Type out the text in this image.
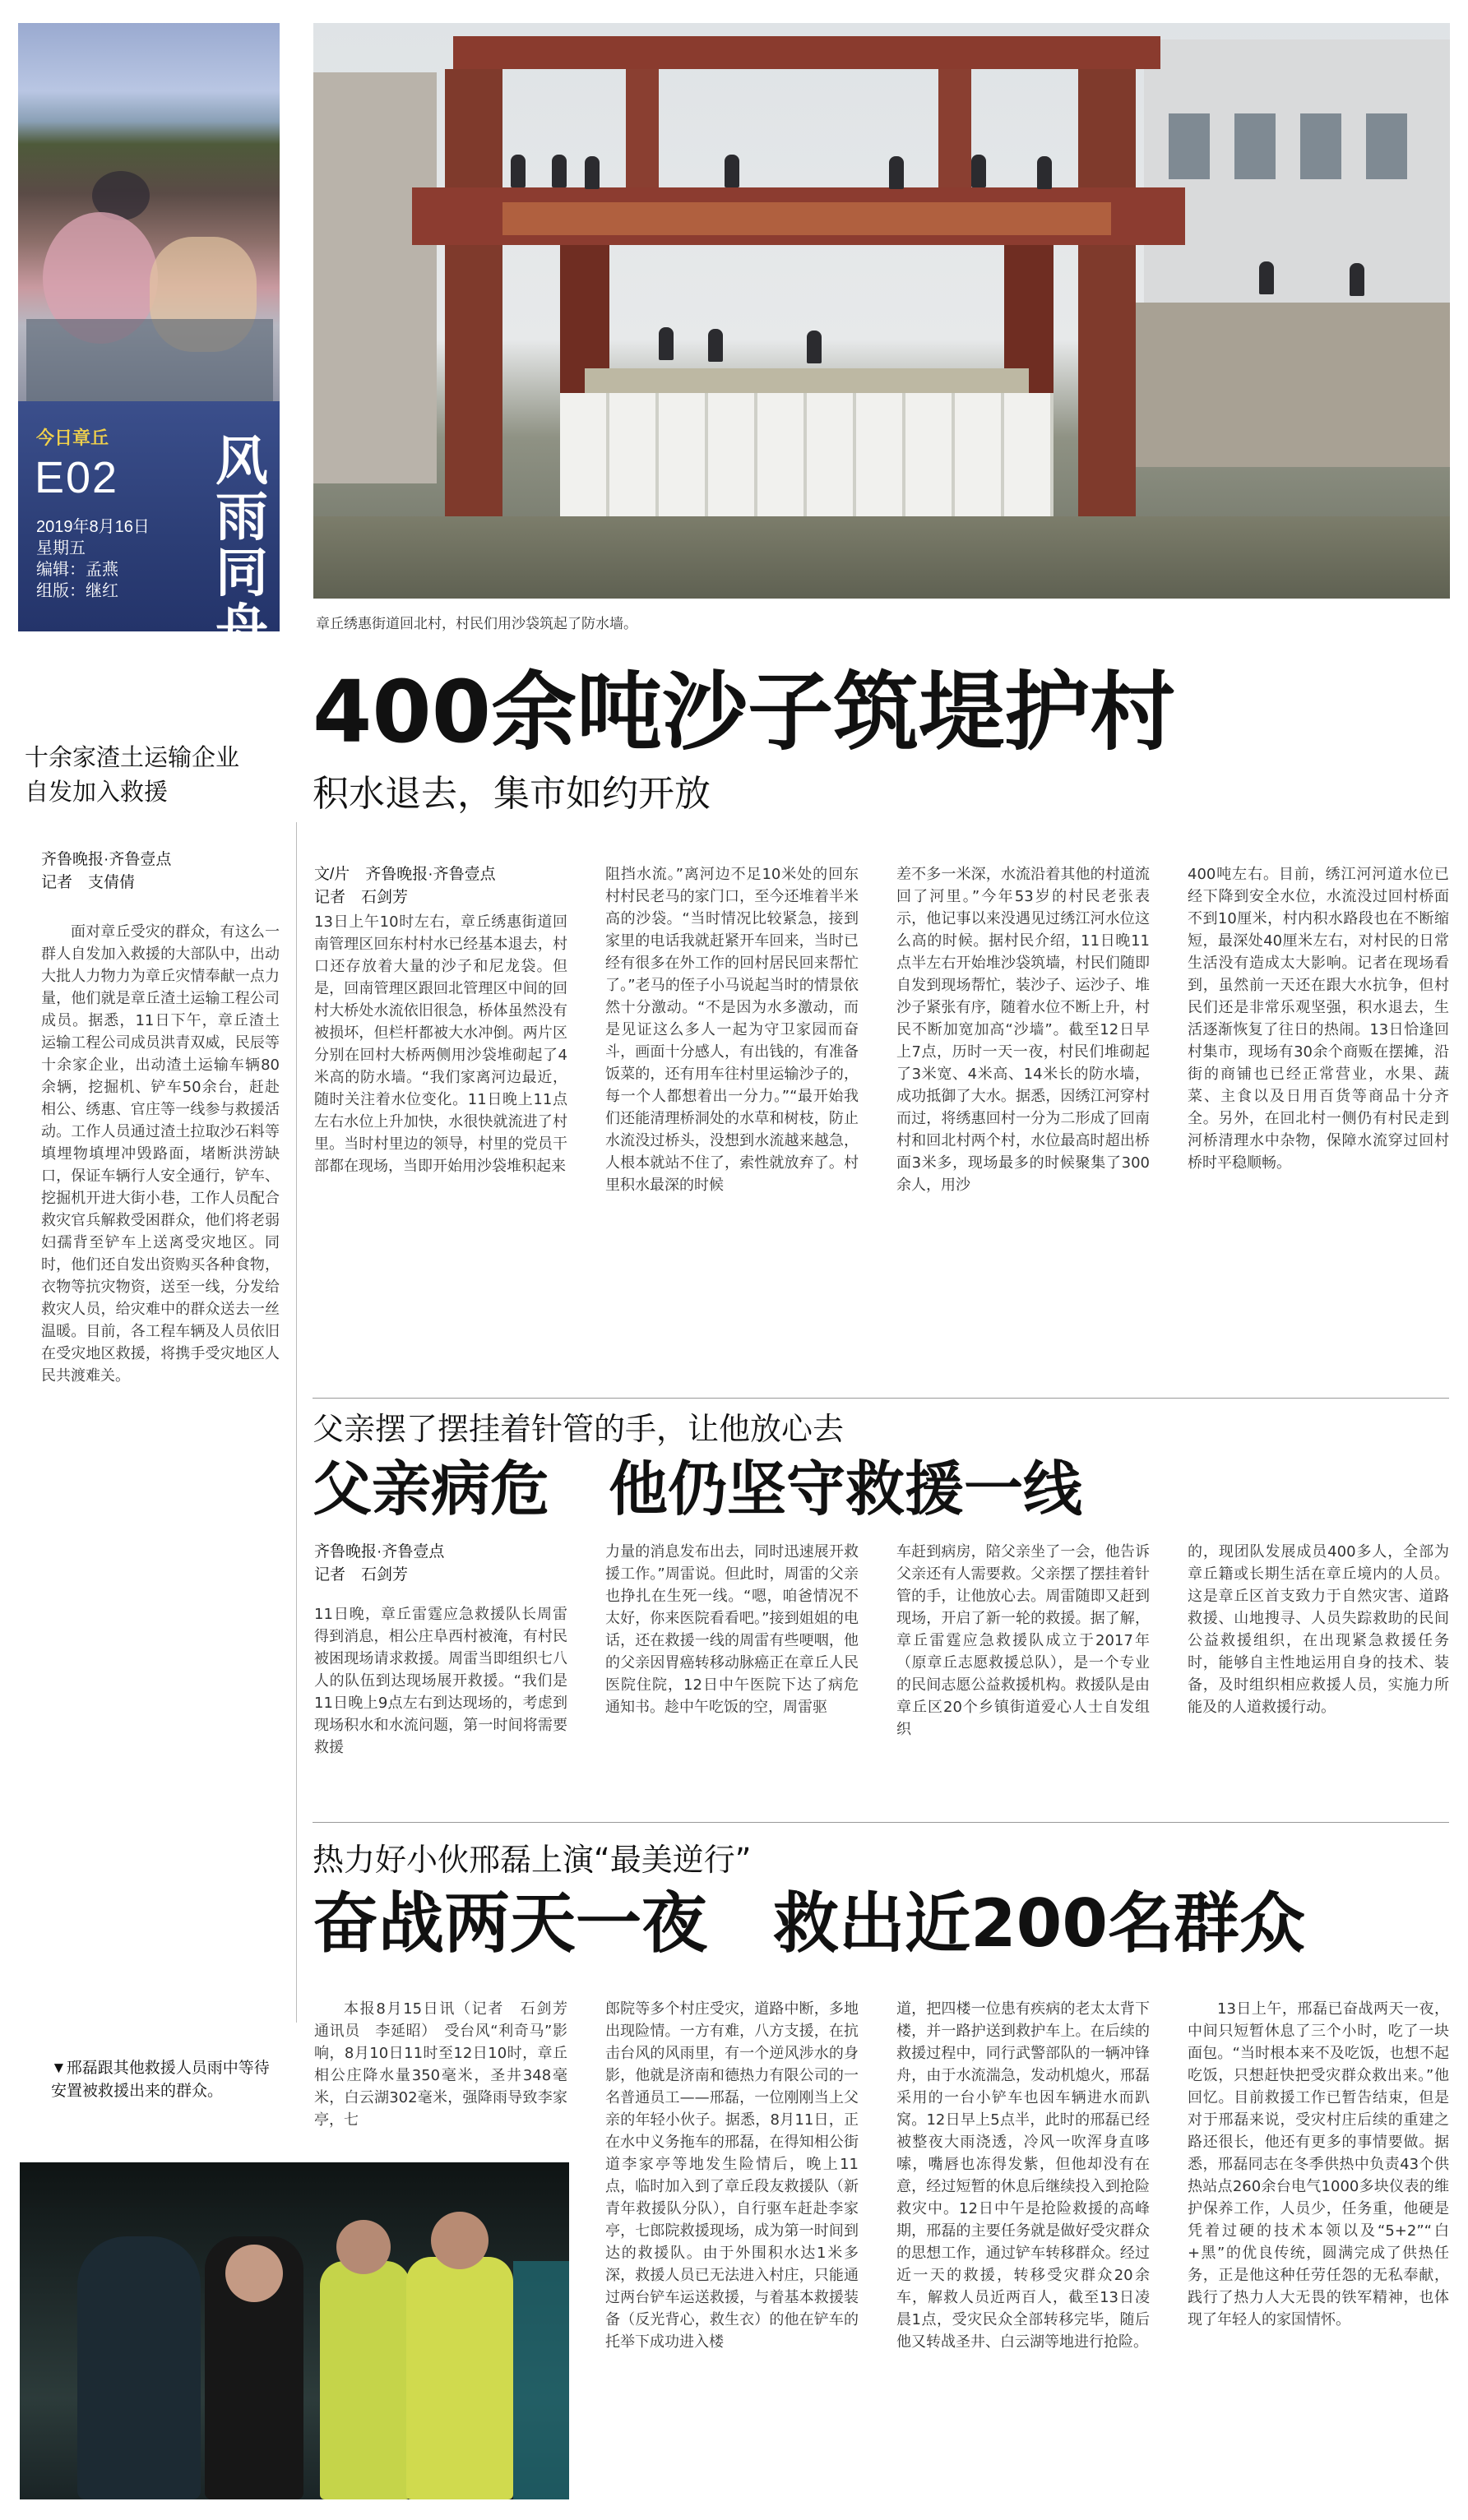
今日章丘
E02
2019年8月16日
星期五
编辑：孟燕
组版：继红
风雨同舟	章丘绣惠街道回北村，村民们用沙袋筑起了防水墙。
400余吨沙子筑堤护村
积水退去，集市如约开放
文/片　齐鲁晚报·齐鲁壹点
记者　石剑芳
13日上午10时左右，章丘绣惠街道回南管理区回东村村水已经基本退去，村口还存放着大量的沙子和尼龙袋。但是，回南管理区跟回北管理区中间的回村大桥处水流依旧很急，桥体虽然没有被损坏，但栏杆都被大水冲倒。两片区分别在回村大桥两侧用沙袋堆砌起了4米高的防水墙。“我们家离河边最近，随时关注着水位变化。11日晚上11点左右水位上升加快，水很快就流进了村里。当时村里边的领导，村里的党员干部都在现场，当即开始用沙袋堆积起来
阻挡水流。”离河边不足10米处的回东村村民老马的家门口，至今还堆着半米高的沙袋。“当时情况比较紧急，接到家里的电话我就赶紧开车回来，当时已经有很多在外工作的回村居民回来帮忙了。”老马的侄子小马说起当时的情景依然十分激动。“不是因为水多激动，而是见证这么多人一起为守卫家园而奋斗，画面十分感人，有出钱的，有准备饭菜的，还有用车往村里运输沙子的，每一个人都想着出一分力。”“最开始我们还能清理桥洞处的水草和树枝，防止水流没过桥头，没想到水流越来越急，人根本就站不住了，索性就放弃了。村里积水最深的时候
差不多一米深，水流沿着其他的村道流回了河里。”今年53岁的村民老张表示，他记事以来没遇见过绣江河水位这么高的时候。据村民介绍，11日晚11点半左右开始堆沙袋筑墙，村民们随即自发到现场帮忙，装沙子、运沙子、堆沙子紧张有序，随着水位不断上升，村民不断加宽加高“沙墙”。截至12日早上7点，历时一天一夜，村民们堆砌起了3米宽、4米高、14米长的防水墙，成功抵御了大水。据悉，因绣江河穿村而过，将绣惠回村一分为二形成了回南村和回北村两个村，水位最高时超出桥面3米多，现场最多的时候聚集了300余人，用沙
400吨左右。目前，绣江河河道水位已经下降到安全水位，水流没过回村桥面不到10厘米，村内积水路段也在不断缩短，最深处40厘米左右，对村民的日常生活没有造成太大影响。记者在现场看到，虽然前一天还在跟大水抗争，但村民们还是非常乐观坚强，积水退去，生活逐渐恢复了往日的热闹。13日恰逢回村集市，现场有30余个商贩在摆摊，沿街的商铺也已经正常营业，水果、蔬菜、主食以及日用百货等商品十分齐全。另外，在回北村一侧仍有村民走到河桥清理水中杂物，保障水流穿过回村桥时平稳顺畅。
十余家渣土运输企业
自发加入救援
齐鲁晚报·齐鲁壹点
记者　支倩倩
面对章丘受灾的群众，有这么一群人自发加入救援的大部队中，出动大批人力物力为章丘灾情奉献一点力量，他们就是章丘渣土运输工程公司成员。据悉，11日下午，章丘渣土运输工程公司成员洪青双威，民辰等十余家企业，出动渣土运输车辆80余辆，挖掘机、铲车50余台，赶赴相公、绣惠、官庄等一线参与救援活动。工作人员通过渣土拉取沙石料等填埋物填埋冲毁路面，堵断洪涝缺口，保证车辆行人安全通行，铲车、挖掘机开进大街小巷，工作人员配合救灾官兵解救受困群众，他们将老弱妇孺背至铲车上送离受灾地区。同时，他们还自发出资购买各种食物，衣物等抗灾物资，送至一线，分发给救灾人员，给灾难中的群众送去一丝温暖。目前，各工程车辆及人员依旧在受灾地区救援，将携手受灾地区人民共渡难关。
父亲摆了摆挂着针管的手，让他放心去
父亲病危　他仍坚守救援一线
齐鲁晚报·齐鲁壹点
记者　石剑芳
11日晚，章丘雷霆应急救援队长周雷得到消息，相公庄阜西村被淹，有村民被困现场请求救援。周雷当即组织七八人的队伍到达现场展开救援。“我们是11日晚上9点左右到达现场的，考虑到现场积水和水流问题，第一时间将需要救援
力量的消息发布出去，同时迅速展开救援工作。”周雷说。但此时，周雷的父亲也挣扎在生死一线。“嗯，咱爸情况不太好，你来医院看看吧。”接到姐姐的电话，还在救援一线的周雷有些哽咽，他的父亲因胃癌转移动脉癌正在章丘人民医院住院，12日中午医院下达了病危通知书。趁中午吃饭的空，周雷驱
车赶到病房，陪父亲坐了一会，他告诉父亲还有人需要救。父亲摆了摆挂着针管的手，让他放心去。周雷随即又赶到现场，开启了新一轮的救援。据了解，章丘雷霆应急救援队成立于2017年（原章丘志愿救援总队），是一个专业的民间志愿公益救援机构。救援队是由章丘区20个乡镇街道爱心人士自发组织
的，现团队发展成员400多人，全部为章丘籍或长期生活在章丘境内的人员。这是章丘区首支致力于自然灾害、道路救援、山地搜寻、人员失踪救助的民间公益救援组织，在出现紧急救援任务时，能够自主性地运用自身的技术、装备，及时组织相应救援人员，实施力所能及的人道救援行动。
热力好小伙邢磊上演“最美逆行”
奋战两天一夜　救出近200名群众
本报8月15日讯（记者　石剑芳　通讯员　李延昭）　受台风“利奇马”影响，8月10日11时至12日10时，章丘相公庄降水量350毫米，圣井348毫米，白云湖302毫米，强降雨导致李家亭，七
郎院等多个村庄受灾，道路中断，多地出现险情。一方有难，八方支援，在抗击台风的风雨里，有一个逆风涉水的身影，他就是济南和德热力有限公司的一名普通员工——邢磊，一位刚刚当上父亲的年轻小伙子。据悉，8月11日，正在水中义务拖车的邢磊，在得知相公街道李家亭等地发生险情后，晚上11点，临时加入到了章丘段友救援队（新青年救援队分队），自行驱车赶赴李家亭，七郎院救援现场，成为第一时间到达的救援队。由于外围积水达1米多深，救援人员已无法进入村庄，只能通过两台铲车运送救援，与着基本救援装备（反光背心，救生衣）的他在铲车的托举下成功进入楼
道，把四楼一位患有疾病的老太太背下楼，并一路护送到救护车上。在后续的救援过程中，同行武警部队的一辆冲锋舟，由于水流湍急，发动机熄火，邢磊采用的一台小铲车也因车辆进水而趴窝。12日早上5点半，此时的邢磊已经被整夜大雨浇透，冷风一吹浑身直哆嗦，嘴唇也冻得发紫，但他却没有在意，经过短暂的休息后继续投入到抢险救灾中。12日中午是抢险救援的高峰期，邢磊的主要任务就是做好受灾群众的思想工作，通过铲车转移群众。经过近一天的救援，转移受灾群众20余车，解救人员近两百人，截至13日凌晨1点，受灾民众全部转移完毕，随后他又转战圣井、白云湖等地进行抢险。
13日上午，邢磊已奋战两天一夜，中间只短暂休息了三个小时，吃了一块面包。“当时根本来不及吃饭，也想不起吃饭，只想赶快把受灾群众救出来。”他回忆。目前救援工作已暂告结束，但是对于邢磊来说，受灾村庄后续的重建之路还很长，他还有更多的事情要做。据悉，邢磊同志在冬季供热中负责43个供热站点260余台电气1000多块仪表的维护保养工作，人员少，任务重，他硬是凭着过硬的技术本领以及“5+2”“白+黑”的优良传统，圆满完成了供热任务，正是他这种任劳任怨的无私奉献，践行了热力人大无畏的铁军精神，也体现了年轻人的家国情怀。
▼邢磊跟其他救援人员雨中等待安置被救援出来的群众。
